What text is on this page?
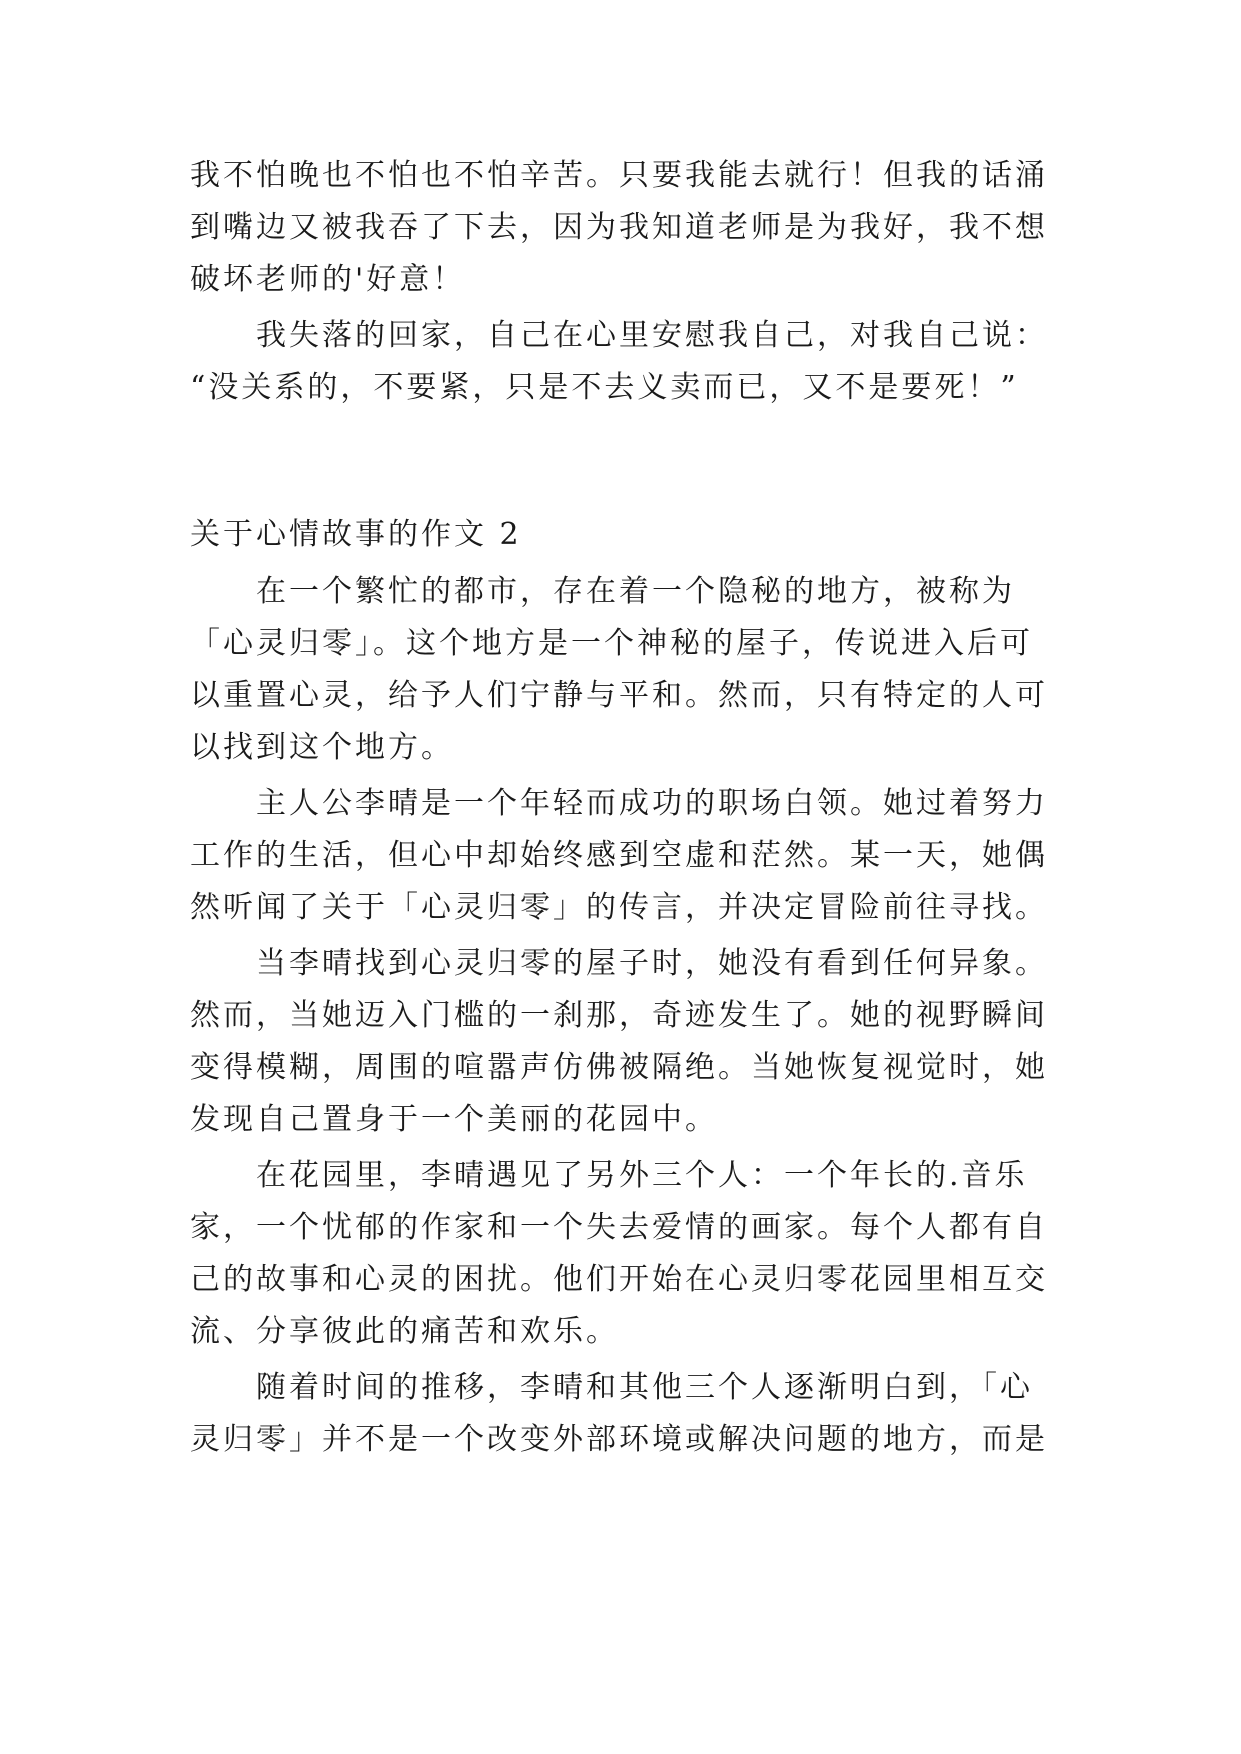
我不怕晚也不怕也不怕辛苦。只要我能去就行！但我的话涌
到嘴边又被我吞了下去，因为我知道老师是为我好，我不想
破坏老师的'好意！
我失落的回家，自己在心里安慰我自己，对我自己说：
“没关系的，不要紧，只是不去义卖而已，又不是要死！”
关于心情故事的作文 2
在一个繁忙的都市，存在着一个隐秘的地方，被称为
「心灵归零」。这个地方是一个神秘的屋子，传说进入后可
以重置心灵，给予人们宁静与平和。然而，只有特定的人可
以找到这个地方。
主人公李晴是一个年轻而成功的职场白领。她过着努力
工作的生活，但心中却始终感到空虚和茫然。某一天，她偶
然听闻了关于「心灵归零」的传言，并决定冒险前往寻找。
当李晴找到心灵归零的屋子时，她没有看到任何异象。
然而，当她迈入门槛的一刹那，奇迹发生了。她的视野瞬间
变得模糊，周围的喧嚣声仿佛被隔绝。当她恢复视觉时，她
发现自己置身于一个美丽的花园中。
在花园里，李晴遇见了另外三个人：一个年长的.音乐
家，一个忧郁的作家和一个失去爱情的画家。每个人都有自
己的故事和心灵的困扰。他们开始在心灵归零花园里相互交
流、分享彼此的痛苦和欢乐。
随着时间的推移，李晴和其他三个人逐渐明白到，「心
灵归零」并不是一个改变外部环境或解决问题的地方，而是
